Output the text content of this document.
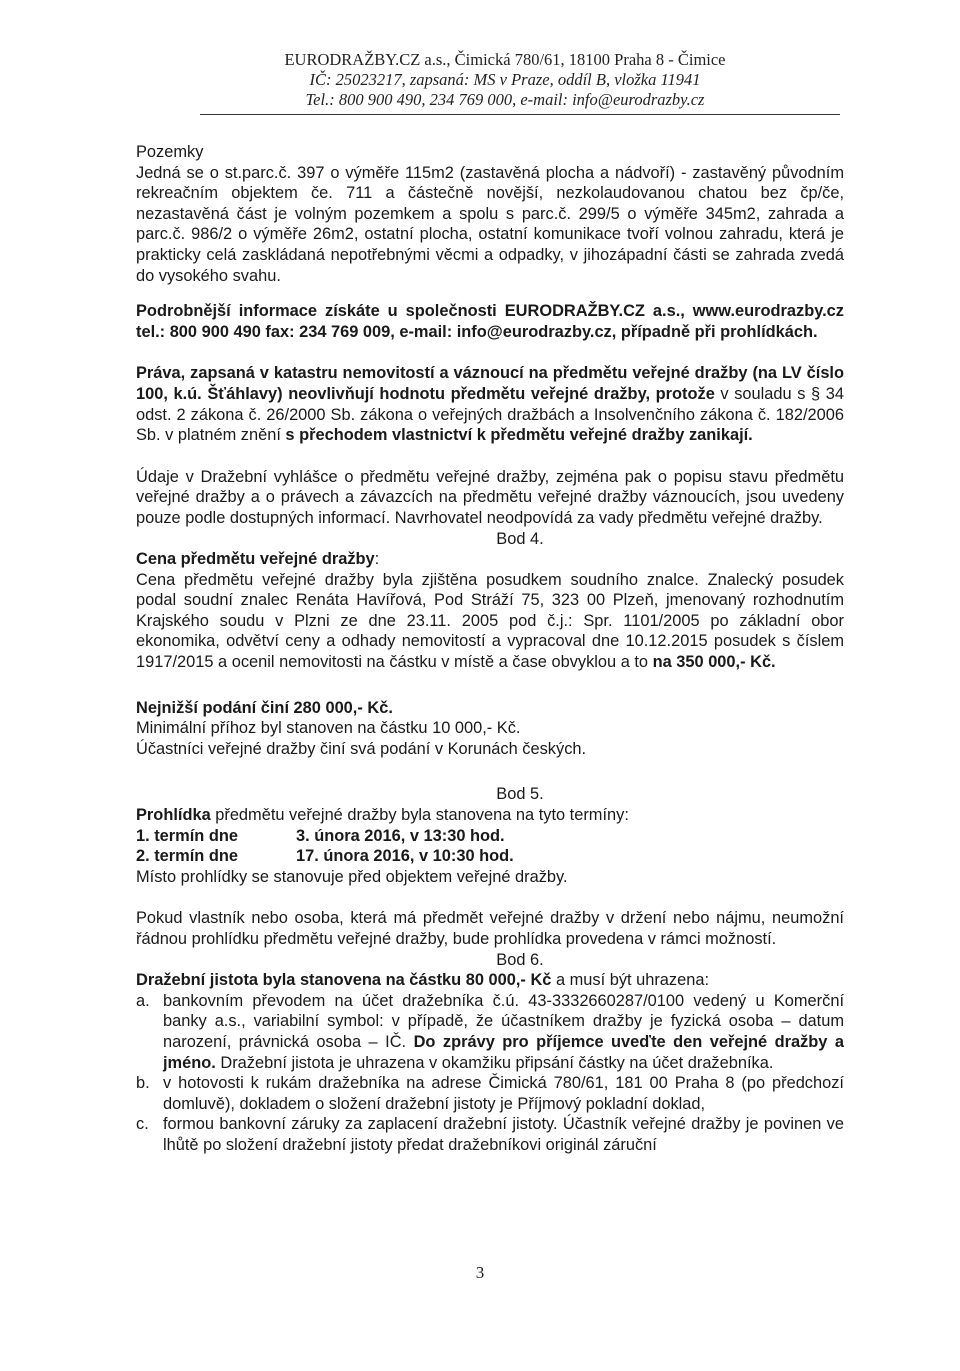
EURODRAŽBY.CZ a.s., Čimická 780/61, 18100 Praha 8 - Čimice
IČ: 25023217, zapsaná: MS v Praze, oddíl B, vložka 11941
Tel.: 800 900 490, 234 769 000, e-mail: info@eurodrazby.cz

Pozemky

Jedná se o st.parc.č. 397 o výměře 115m2 (zastavěná plocha a nádvoří) - zastavěný původním rekreačním objektem če. 711 a částečně novější, nezkolaudovanou chatou bez čp/če, nezastavěná část je volným pozemkem a spolu s parc.č. 299/5 o výměře 345m2, zahrada a parc.č. 986/2 o výměře 26m2, ostatní plocha, ostatní komunikace tvoří volnou zahradu, která je prakticky celá zaskládaná nepotřebnými věcmi a odpadky, v jihozápadní části se zahrada zvedá do vysokého svahu.

Podrobnější informace získáte u společnosti EURODRAŽBY.CZ a.s., www.eurodrazby.cz tel.: 800 900 490 fax: 234 769 009, e-mail: info@eurodrazby.cz, případně při prohlídkách.

Práva, zapsaná v katastru nemovitostí a váznoucí na předmětu veřejné dražby (na LV číslo 100, k.ú. Šťáhlavy) neovlivňují hodnotu předmětu veřejné dražby, protože v souladu s § 34 odst. 2 zákona č. 26/2000 Sb. zákona o veřejných dražbách a Insolvenčního zákona č. 182/2006 Sb. v platném znění s přechodem vlastnictví k předmětu veřejné dražby zanikají.

Údaje v Dražební vyhlášce o předmětu veřejné dražby, zejména pak o popisu stavu předmětu veřejné dražby a o právech a závazcích na předmětu veřejné dražby váznoucích, jsou uvedeny pouze podle dostupných informací. Navrhovatel neodpovídá za vady předmětu veřejné dražby.

Bod 4.

Cena předmětu veřejné dražby:

Cena předmětu veřejné dražby byla zjištěna posudkem soudního znalce. Znalecký posudek podal soudní znalec Renáta Havířová, Pod Stráží 75, 323 00 Plzeň, jmenovaný rozhodnutím Krajského soudu v Plzni ze dne 23.11. 2005 pod č.j.: Spr. 1101/2005 po základní obor ekonomika, odvětví ceny a odhady nemovitostí a vypracoval dne 10.12.2015 posudek s číslem 1917/2015 a ocenil nemovitosti na částku v místě a čase obvyklou a to na 350 000,- Kč.

Nejnižší podání činí 280 000,- Kč.

Minimální příhoz byl stanoven na částku 10 000,- Kč.

Účastníci veřejné dražby činí svá podání v Korunách českých.

Bod 5.

Prohlídka předmětu veřejné dražby byla stanovena na tyto termíny:

1. termín dne	3. února 2016, v 13:30 hod.
2. termín dne	17. února 2016, v 10:30 hod.

Místo prohlídky se stanovuje před objektem veřejné dražby.

Pokud vlastník nebo osoba, která má předmět veřejné dražby v držení nebo nájmu, neumožní řádnou prohlídku předmětu veřejné dražby, bude prohlídka provedena v rámci možností.

Bod 6.

Dražební jistota byla stanovena na částku 80 000,- Kč a musí být uhrazena:

a. bankovním převodem na účet dražebníka č.ú. 43-3332660287/0100 vedený u Komerční banky a.s., variabilní symbol: v případě, že účastníkem dražby je fyzická osoba – datum narození, právnická osoba – IČ. Do zprávy pro příjemce uveďte den veřejné dražby a jméno. Dražební jistota je uhrazena v okamžiku připsání částky na účet dražebníka.
b. v hotovosti k rukám dražebníka na adrese Čimická 780/61, 181 00 Praha 8 (po předchozí domluvě), dokladem o složení dražební jistoty je Příjmový pokladní doklad,
c. formou bankovní záruky za zaplacení dražební jistoty. Účastník veřejné dražby je povinen ve lhůtě po složení dražební jistoty předat dražebníkovi originál záruční
3
